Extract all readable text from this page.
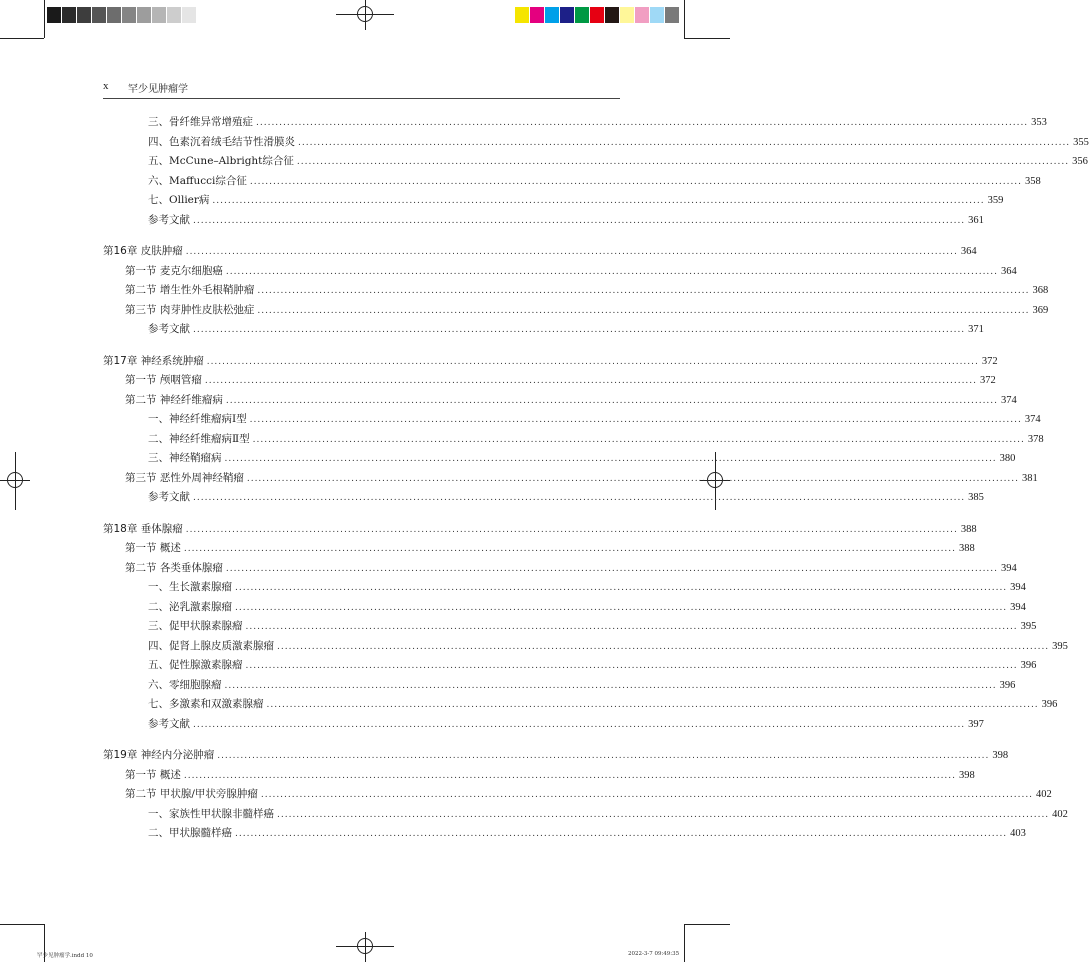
x 罕少见肿瘤学
三、骨纤维异常增殖症 ........................................................................................................................................................................................................ 353
四、色素沉着绒毛结节性滑膜炎 ........................................................................................................................................................................................................ 355
五、McCune–Albright综合征 ........................................................................................................................................................................................................ 356
六、Maffucci综合征 ........................................................................................................................................................................................................ 358
七、Ollier病 ........................................................................................................................................................................................................ 359
参考文献 ........................................................................................................................................................................................................ 361
第16章 皮肤肿瘤 ........................................................................................................................................................................................................ 364
第一节 麦克尔细胞癌 ........................................................................................................................................................................................................ 364
第二节 增生性外毛根鞘肿瘤 ........................................................................................................................................................................................................ 368
第三节 肉芽肿性皮肤松弛症 ........................................................................................................................................................................................................ 369
参考文献 ........................................................................................................................................................................................................ 371
第17章 神经系统肿瘤 ........................................................................................................................................................................................................ 372
第一节 颅咽管瘤 ........................................................................................................................................................................................................ 372
第二节 神经纤维瘤病 ........................................................................................................................................................................................................ 374
一、神经纤维瘤病Ⅰ型 ........................................................................................................................................................................................................ 374
二、神经纤维瘤病Ⅱ型 ........................................................................................................................................................................................................ 378
三、神经鞘瘤病 ........................................................................................................................................................................................................ 380
第三节 恶性外周神经鞘瘤 ........................................................................................................................................................................................................ 381
参考文献 ........................................................................................................................................................................................................ 385
第18章 垂体腺瘤 ........................................................................................................................................................................................................ 388
第一节 概述 ........................................................................................................................................................................................................ 388
第二节 各类垂体腺瘤 ........................................................................................................................................................................................................ 394
一、生长激素腺瘤 ........................................................................................................................................................................................................ 394
二、泌乳激素腺瘤 ........................................................................................................................................................................................................ 394
三、促甲状腺素腺瘤 ........................................................................................................................................................................................................ 395
四、促肾上腺皮质激素腺瘤 ........................................................................................................................................................................................................ 395
五、促性腺激素腺瘤 ........................................................................................................................................................................................................ 396
六、零细胞腺瘤 ........................................................................................................................................................................................................ 396
七、多激素和双激素腺瘤 ........................................................................................................................................................................................................ 396
参考文献 ........................................................................................................................................................................................................ 397
第19章 神经内分泌肿瘤 ........................................................................................................................................................................................................ 398
第一节 概述 ........................................................................................................................................................................................................ 398
第二节 甲状腺/甲状旁腺肿瘤 ........................................................................................................................................................................................................ 402
一、家族性甲状腺非髓样癌 ........................................................................................................................................................................................................ 402
二、甲状腺髓样癌 ........................................................................................................................................................................................................ 403
罕少见肿瘤学.indd 10	2022-3-7 09:49:35
